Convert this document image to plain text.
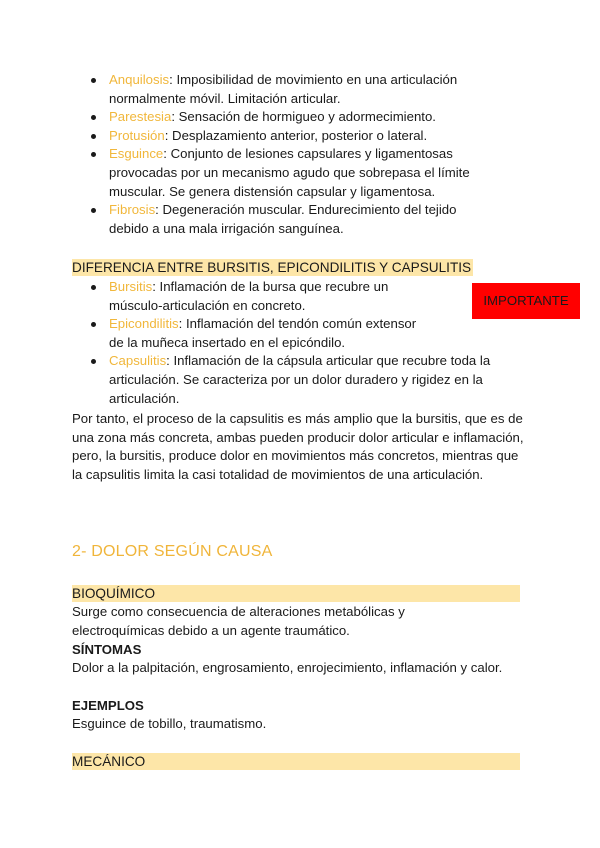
Anquilosis: Imposibilidad de movimiento en una articulación normalmente móvil. Limitación articular.
Parestesia: Sensación de hormigueo y adormecimiento.
Protusión: Desplazamiento anterior, posterior o lateral.
Esguince: Conjunto de lesiones capsulares y ligamentosas provocadas por un mecanismo agudo que sobrepasa el límite muscular. Se genera distensión capsular y ligamentosa.
Fibrosis: Degeneración muscular. Endurecimiento del tejido debido a una mala irrigación sanguínea.
DIFERENCIA ENTRE BURSITIS, EPICONDILITIS Y CAPSULITIS
Bursitis: Inflamación de la bursa que recubre un
músculo-articulación en concreto.
Epicondilitis: Inflamación del tendón común extensor
de la muñeca insertado en el epicóndilo.
Capsulitis: Inflamación de la cápsula articular que recubre toda la articulación. Se caracteriza por un dolor duradero y rigidez en la articulación.
IMPORTANTE
Por tanto, el proceso de la capsulitis es más amplio que la bursitis, que es de una zona más concreta, ambas pueden producir dolor articular e inflamación, pero, la bursitis, produce dolor en movimientos más concretos, mientras que la capsulitis limita la casi totalidad de movimientos de una articulación.
2- DOLOR SEGÚN CAUSA
BIOQUÍMICO
Surge como consecuencia de alteraciones metabólicas y electroquímicas debido a un agente traumático.
SÍNTOMAS
Dolor a la palpitación, engrosamiento, enrojecimiento, inflamación y calor.
EJEMPLOS
Esguince de tobillo, traumatismo.
MECÁNICO
